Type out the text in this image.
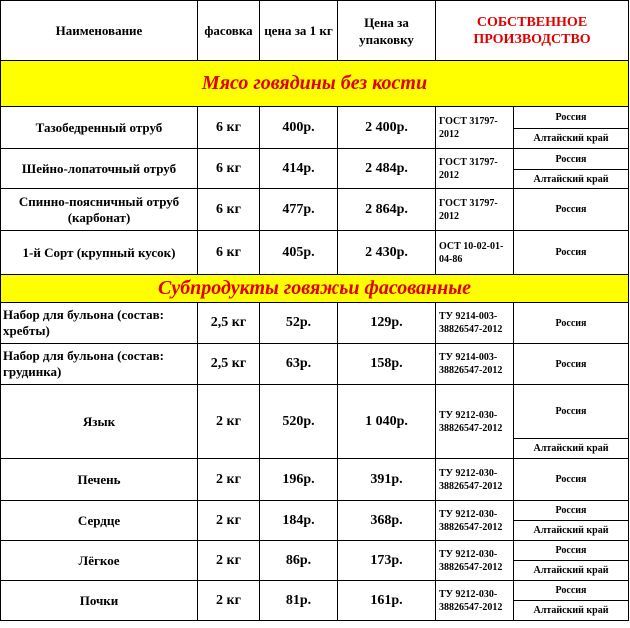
Наименование	фасовка	цена за 1 кг	Цена за упаковку	СОБСТВЕННОЕ ПРОИЗВОДСТВО	
Мясо говядины без кости					
Тазобедренный отруб	6 кг	400р.	2 400р.	ГОСТ 31797-2012	Россия
					Алтайский край
Шейно-лопаточный отруб	6 кг	414р.	2 484р.	ГОСТ 31797-2012	Россия
					Алтайский край
Спинно-поясничный отруб (карбонат)	6 кг	477р.	2 864р.	ГОСТ 31797-2012	Россия
1-й Сорт (крупный кусок)	6 кг	405р.	2 430р.	ОСТ 10-02-01-04-86	Россия
Субпродукты говяжьи фасованные					
Набор для бульона (состав: хребты)	2,5 кг	52р.	129р.	ТУ 9214-003-38826547-2012	Россия
Набор для бульона (состав: грудинка)	2,5 кг	63р.	158р.	ТУ 9214-003-38826547-2012	Россия
Язык	2 кг	520р.	1 040р.	ТУ 9212-030-38826547-2012	Россия
					Алтайский край
Печень	2 кг	196р.	391р.	ТУ 9212-030-38826547-2012	Россия
Сердце	2 кг	184р.	368р.	ТУ 9212-030-38826547-2012	Россия
					Алтайский край
Лёгкое	2 кг	86р.	173р.	ТУ 9212-030-38826547-2012	Россия
					Алтайский край
Почки	2 кг	81р.	161р.	ТУ 9212-030-38826547-2012	Россия
					Алтайский край
